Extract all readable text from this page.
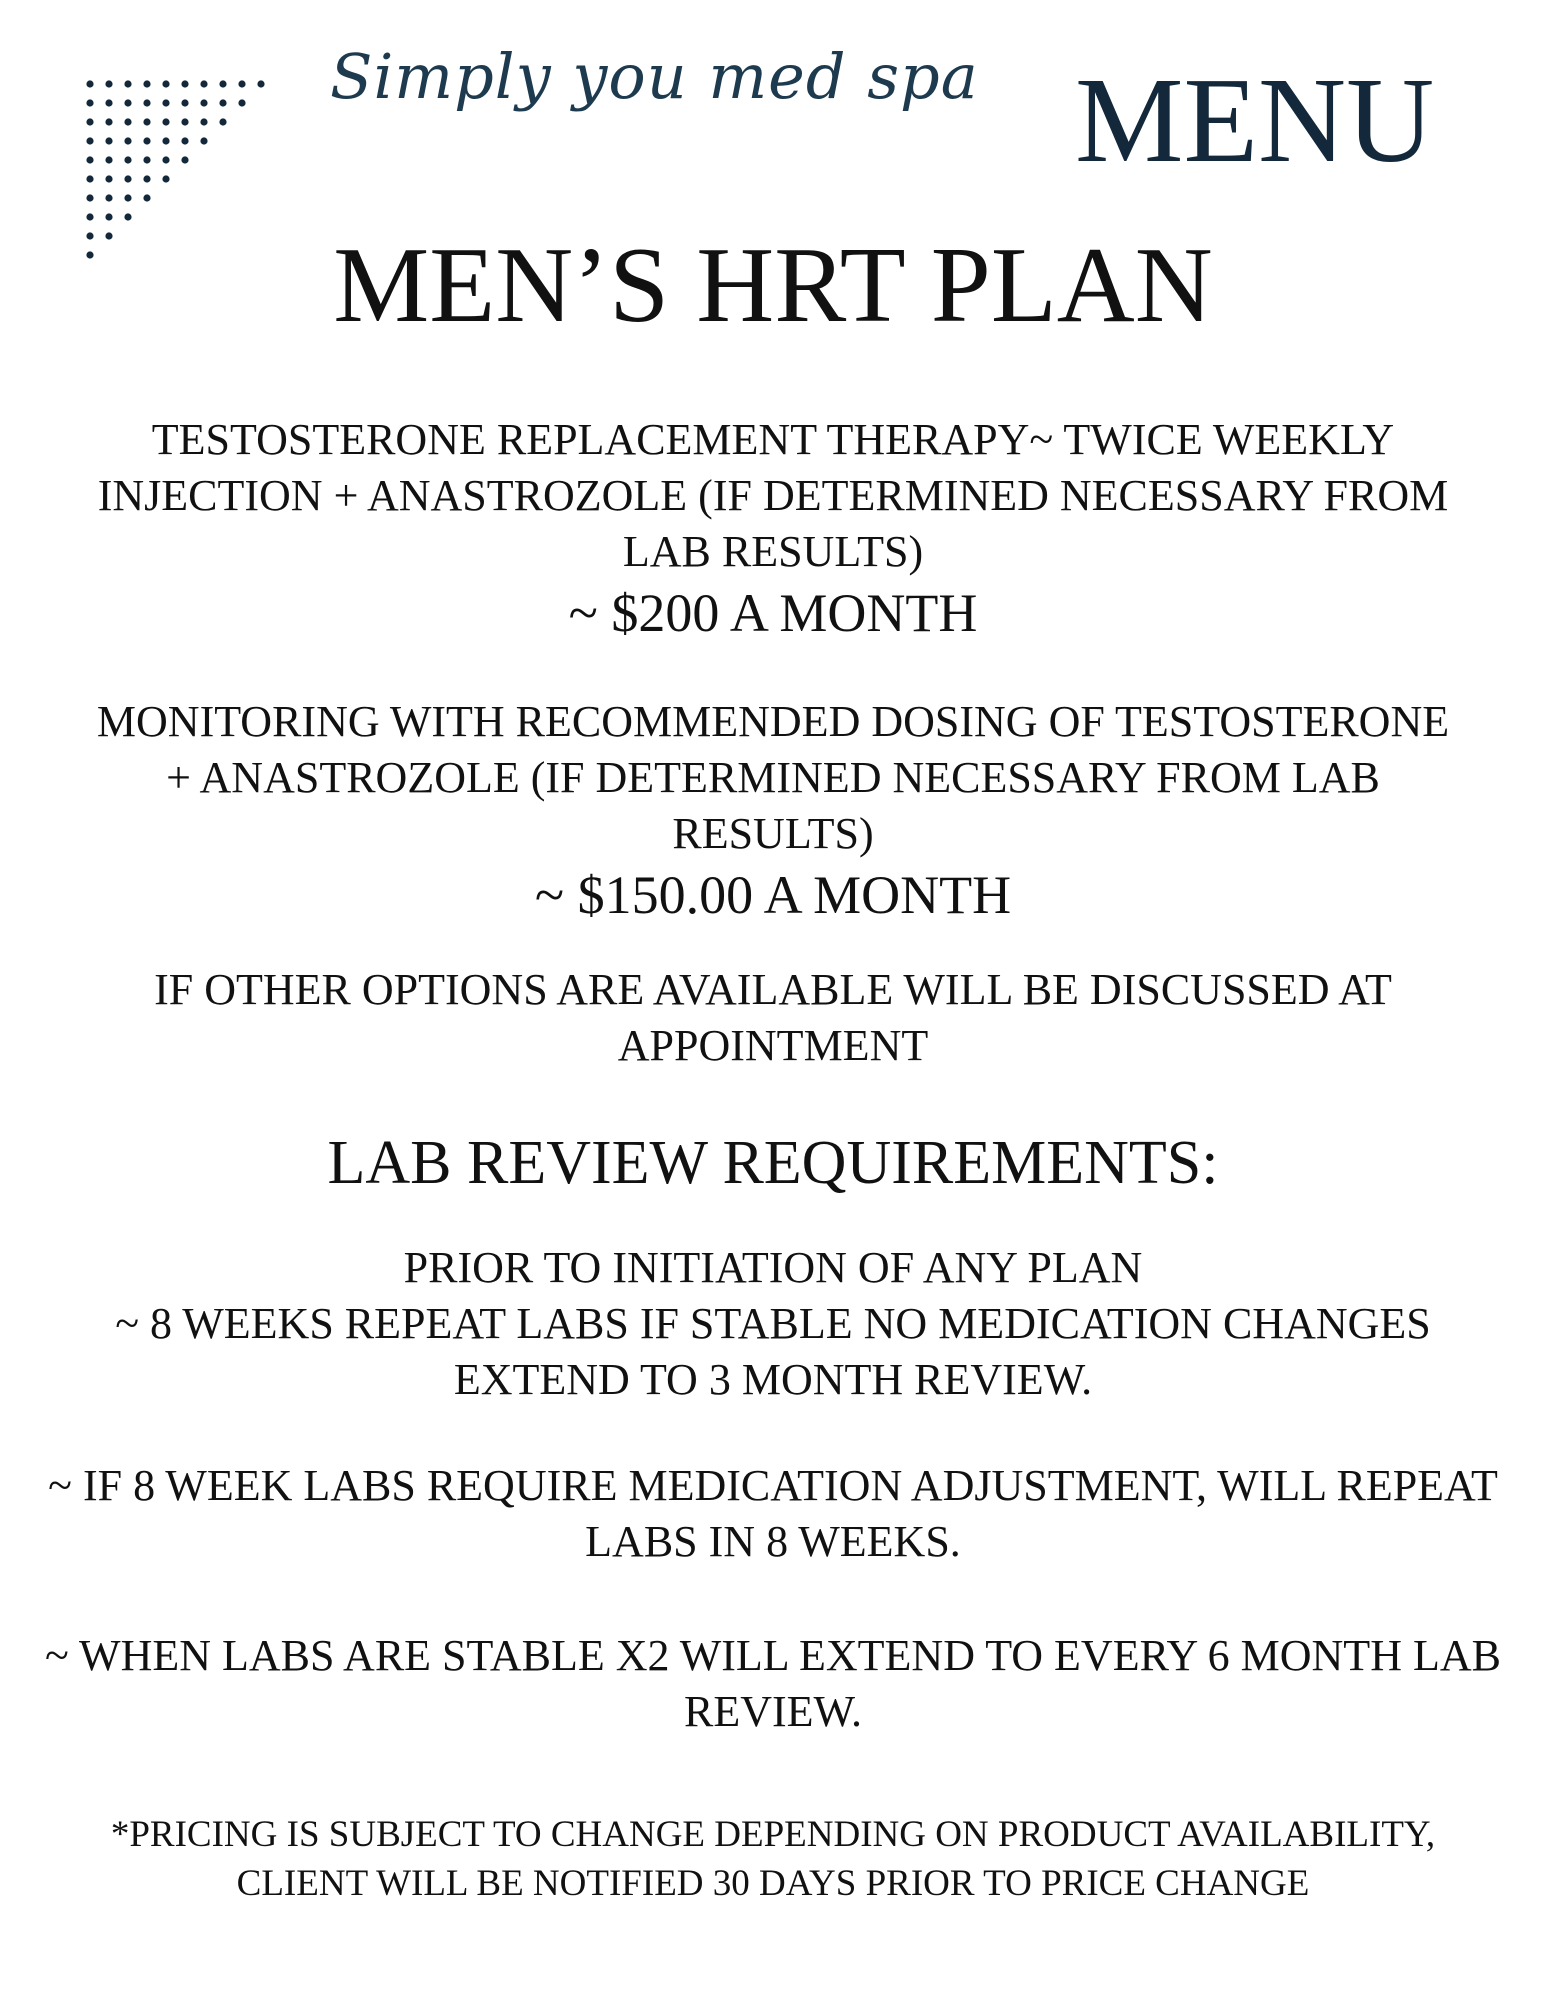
Simply you med spa MENU
MEN’S HRT PLAN
TESTOSTERONE REPLACEMENT THERAPY~ TWICE WEEKLY
INJECTION + ANASTROZOLE (IF DETERMINED NECESSARY FROM
LAB RESULTS)
~ $200 A MONTH
MONITORING WITH RECOMMENDED DOSING OF TESTOSTERONE
+ ANASTROZOLE (IF DETERMINED NECESSARY FROM LAB
RESULTS)
~ $150.00 A MONTH
IF OTHER OPTIONS ARE AVAILABLE WILL BE DISCUSSED AT
APPOINTMENT
LAB REVIEW REQUIREMENTS:
PRIOR TO INITIATION OF ANY PLAN
~ 8 WEEKS REPEAT LABS IF STABLE NO MEDICATION CHANGES
EXTEND TO 3 MONTH REVIEW.
~ IF 8 WEEK LABS REQUIRE MEDICATION ADJUSTMENT, WILL REPEAT
LABS IN 8 WEEKS.
~ WHEN LABS ARE STABLE X2 WILL EXTEND TO EVERY 6 MONTH LAB
REVIEW.
*PRICING IS SUBJECT TO CHANGE DEPENDING ON PRODUCT AVAILABILITY,
CLIENT WILL BE NOTIFIED 30 DAYS PRIOR TO PRICE CHANGE
